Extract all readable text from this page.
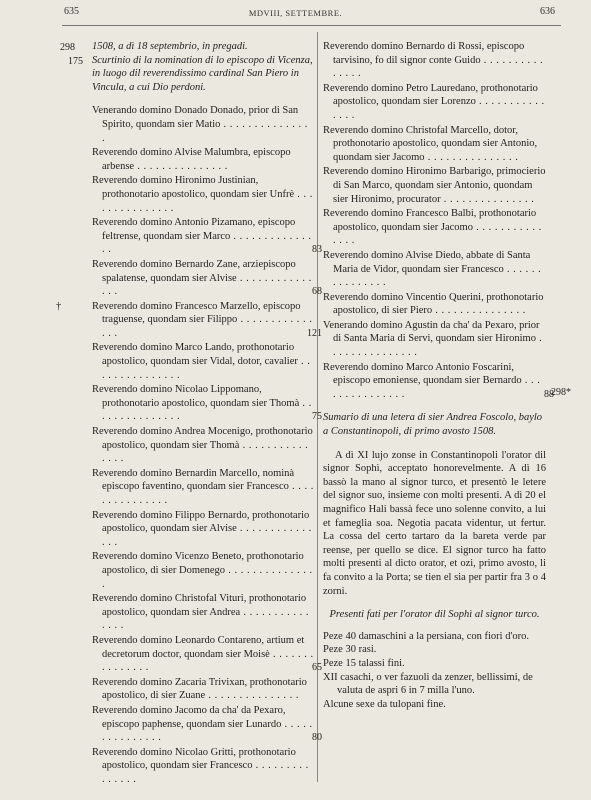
635	MDVIII, SETTEMBRE.	636
298
175
1508, a dì 18 septembrio, in pregadi.
Scurtinio di la nomination di lo episcopo di Vicenza, in luogo dil reverendissimo cardinal San Piero in Vincula, a cui Dio perdoni.
Venerando domino Donado Donado, prior di San Spirito, quondam sier Matio . . .
Reverendo domino Alvise Malumbra, episcopo arbense . . .
Reverendo domino Hironimo Justinian, prothonotario apostolico, quondam sier Unfrè . . .
Reverendo domino Antonio Pizamano, episcopo feltrense, quondam sier Marco . . .
83
Reverendo domino Bernardo Zane, arziepiscopo spalatense, quondam sier Alvise . . .
68
†	Reverendo domino Francesco Marzello, episcopo traguense, quondam sier Filippo . . .
121
Reverendo domino Marco Lando, prothonotario apostolico, quondam sier Vidal, dotor, cavalier . . .
Reverendo domino Nicolao Lippomano, prothonotario apostolico, quondam sier Thomà . . .
75
Reverendo domino Andrea Mocenigo, prothonotario apostolico, quondam sier Thomà . . .
Reverendo domino Bernardin Marcello, nominà episcopo faventino, quondam sier Francesco . . .
Reverendo domino Filippo Bernardo, prothonotario apostolico, quondam sier Alvise . . .
Reverendo domino Vicenzo Beneto, prothonotario apostolico, di sier Domenego . . .
Reverendo domino Christofal Vituri, prothonotario apostolico, quondam sier Andrea . . .
Reverendo domino Leonardo Contareno, artium et decretorum doctor, quondam sier Moisè . . .
65
Reverendo domino Zacaria Trivixan, prothonotario apostolico, di sier Zuane . . .
Reverendo domino Jacomo da cha' da Pexaro, episcopo paphense, quondam sier Lunardo . . .
80
Reverendo domino Nicolao Gritti, prothonotario apostolico, quondam sier Francesco . . .
Reverendo domino Bernardo di Rossi, episcopo tarvisino, fo dil signor conte Guido . . .
Reverendo domino Petro Lauredano, prothonotario apostolico, quondam sier Lorenzo . . .
Reverendo domino Christofal Marcello, dotor, prothonotario apostolico, quondam sier Antonio, quondam sier Jacomo . . .
Reverendo domino Hironimo Barbarigo, primocierio di San Marco, quondam sier Antonio, quondam sier Hironimo, procurator . . .
Reverendo domino Francesco Balbi, prothonotario apostolico, quondam sier Jacomo . . .
Reverendo domino Alvise Diedo, abbate di Santa Maria de Vidor, quondam sier Francesco . . .
Reverendo domino Vincentio Querini, prothonotario apostolico, di sier Piero . . .
Venerando domino Agustin da cha' da Pexaro, prior di Santa Maria di Servi, quondam sier Hironimo . . .
Reverendo domino Marco Antonio Foscarini, episcopo emoniense, quondam sier Bernardo . . .
88
Sumario di una letera di sier Andrea Foscolo, baylo a Constantinopoli, di primo avosto 1508.
A dì XI lujo zonse in Constantinopoli l'orator dil signor Sophì, acceptato honorevelmente. A dì 16 bassò la mano al signor turco, et presentò le letere del signor suo, insieme con molti presenti. A dì 20 el magnifico Hali bassà fece uno solenne convito, a lui et fameglia soa. Negotia pacata videntur, ut fertur. La cossa del certo tartaro da la bareta verde par reense, per quello se dice. El signor turco ha fatto molti presenti al dicto orator, et ozi, primo avosto, li fa convito a la Porta; se tien el sia per partir fra 3 o 4 zorni.
Presenti fati per l'orator dil Sophì al signor turco.
Peze 40 damaschini a la persiana, con fiori d'oro.
Peze 30 rasi.
Peze 15 talassi fini.
XII casachi, o ver fazuoli da zenzer, bellissimi, de valuta de aspri 6 in 7 milla l'uno.
Alcune sexe da tulopani fine.
298*
